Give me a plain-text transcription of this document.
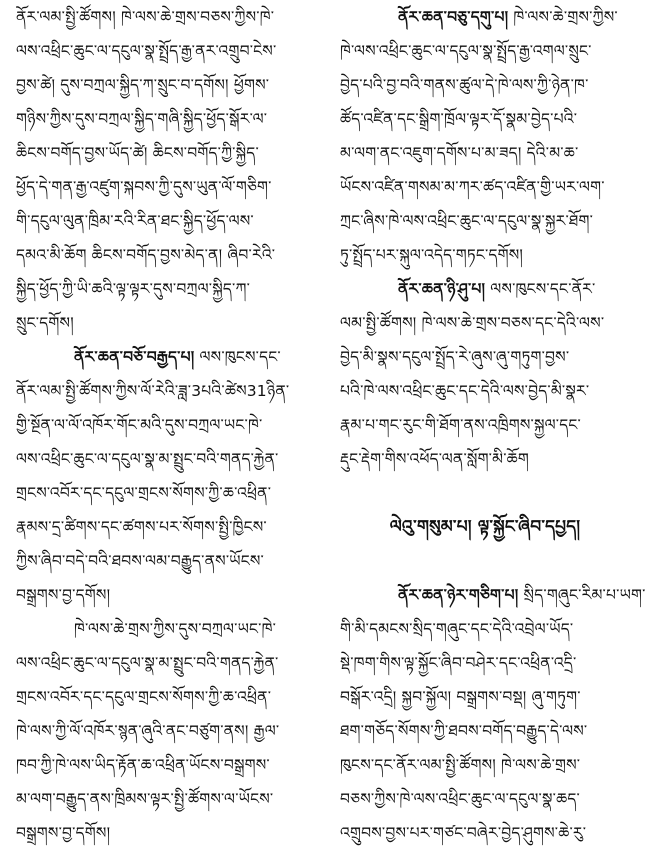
ནོར་ལམ་སྤྱི་ཚོགས། ཁེ་ལས་ཆེ་གྲས་བཅས་ཀྱིས་ཁེ་
ལས་འཕྲིང་ཆུང་ལ་དངུལ་སྣ་སྤྲོད་རྒྱ་ནར་འགྲུབ་ངེས་
བྱས་ཚེ། དུས་བཀྲལ་སྐྱིད་ཀ་སྲུང་བ་དགོས། ཕྱོགས་
གཉིས་ཀྱིས་དུས་བཀྲལ་སྐྱིད་གཞི་སྐྱིད་ཕྱོད་སྒོར་ལ་
ཆིངས་བགོད་བྱས་ཡོད་ཚེ། ཆིངས་བགོད་ཀྱི་སྐྱིད་
ཕྱོད་དེ་གན་རྒྱ་འཛུག་སྐབས་ཀྱི་དུས་ཡུན་ལོ་གཅིག་
གི་དངུལ་ལུན་ཁྲིམ་རའི་རིན་ཐང་སྐྱིད་ཕྱོད་ལས་
དམའ་མི་ཆོག ཆིངས་བགོད་བྱས་མེད་ན། ཞིབ་རེའི་
སྐྱིད་ཕྱོད་ཀྱི་ཡི་ཆའི་ལྟ་ལྟར་དུས་བཀྲལ་སྐྱིད་ཀ་
སྲུང་དགོས།
ནོར་ཆན་བཅོ་བརྒྱད་པ། ལས་ཁུངས་དང་
ནོར་ལམ་སྤྱི་ཚོགས་ཀྱིས་ལོ་རེའི་ཟླ་3པའི་ཚེས31ཉིན་
གྱི་སྔོན་ལ་ལོ་འཁོར་གོང་མའི་དུས་བཀྲལ་ཡང་ཁེ་
ལས་འཕྲིང་ཆུང་ལ་དངུལ་སྣ་མ་སྤྲུང་བའི་གནད་རྐྱེན་
གྲངས་འབོར་དང་དངུལ་གྲངས་སོགས་ཀྱི་ཆ་འཕྲིན་
རྣམས་དྲ་ཚིགས་དང་ཚགས་པར་སོགས་སྤྱི་ཁྱིངས་
ཀྱིས་ཞིབ་བདེ་བའི་ཐབས་ལམ་བརྒྱུད་ནས་ཡོངས་
བསྒྲགས་བྱ་དགོས།
ཁེ་ལས་ཆེ་གྲས་ཀྱིས་དུས་བཀྲལ་ཡང་ཁེ་
ལས་འཕྲིང་ཆུང་ལ་དངུལ་སྣ་མ་སྤྲུང་བའི་གནད་རྐྱེན་
གྲངས་འབོར་དང་དངུལ་གྲངས་སོགས་ཀྱི་ཆ་འཕྲིན་
ཁེ་ལས་ཀྱི་ལོ་འཁོར་སྙན་ཞུའི་ནང་བཙུག་ནས། རྒྱལ་
ཁབ་ཀྱི་ཁེ་ལས་ཡིད་རྟོན་ཆ་འཕྲིན་ཡོངས་བསྒྲགས་
མ་ལག་བརྒྱུད་ནས་ཁྲིམས་ལྟར་སྤྱི་ཚོགས་ལ་ཡོངས་
བསྒྲགས་བྱ་དགོས།
ནོར་ཆན་བཅུ་དགུ་པ། ཁེ་ལས་ཆེ་གྲས་ཀྱིས་
ཁེ་ལས་འཕྲིང་ཆུང་ལ་དངུལ་སྣ་སྤྲོད་རྒྱ་འགལ་སྲུང་
བྱེད་པའི་བྱ་བའི་གནས་ཚུལ་དེ་ཁེ་ལས་ཀྱི་ཉེན་ཁ་
ཚོད་འཛིན་དང་སྒྲིག་ཁྲོལ་ལྟར་དོ་སྣམ་བྱེད་པའི་
མ་ལག་ནང་འཇུག་དགོས་པ་མ་ཟད། དེའི་མ་ཆ་
ཡོངས་འཛིན་གསམ་མ་ཀར་ཚད་འཛིན་གྱི་ཡར་ལག་
ཀྲང་ཞིས་ཁེ་ལས་འཕྲིང་ཆུང་ལ་དངུལ་སྣ་སྐྱར་ཐོག་
ཏུ་སྤྲོད་པར་སྐུལ་འདེད་གཏང་དགོས།
ནོར་ཆན་ཉི་ཤུ་པ། ལས་ཁུངས་དང་ནོར་
ལམ་སྤྱི་ཚོགས། ཁེ་ལས་ཆེ་གྲས་བཅས་དང་དེའི་ལས་
བྱེད་མི་སྣས་དངུལ་སྤྲོད་རེ་ཞུས་ཞུ་གཏུག་བྱས་
པའི་ཁེ་ལས་འཕྲིང་ཆུང་དང་དེའི་ལས་བྱེད་མི་སྣར་
རྣམ་པ་གང་རུང་གི་ཐོག་ནས་འཁྲིགས་སྐྱལ་དང་
རྡུང་རྡེག་གིས་འཕོད་ལན་སློག་མི་ཆོག
ལེའུ་གསུམ་པ། ལྟ་སྐྱོང་ཞིབ་དཔྱད།
ནོར་ཆན་ཉེར་གཅིག་པ། སྲིད་གཞུང་རིམ་པ་ཡག་
གི་མི་དམངས་སྲིད་གཞུང་དང་དེའི་འབྲེལ་ཡོད་
སྡེ་ཁག་གིས་ལྟ་སྐྱོང་ཞིབ་བཤེར་དང་འཕྲིན་འདྲི་
བསྒོར་འདྲི། སྐྱབ་སྐྱོལ། བསྒྲགས་བསྡ། ཞུ་གཏུག་
ཐག་གཅོད་སོགས་ཀྱི་ཐབས་བགོད་བརྒྱུད་དེ་ལས་
ཁུངས་དང་ནོར་ལམ་སྤྱི་ཚོགས། ཁེ་ལས་ཆེ་གྲས་
བཅས་ཀྱིས་ཁེ་ལས་འཕྲིང་ཆུང་ལ་དངུལ་སྣ་ཆད་
འགྲུབས་བྱས་པར་གཙང་བཞེར་བྱེད་ཤུགས་ཆེ་རུ་
